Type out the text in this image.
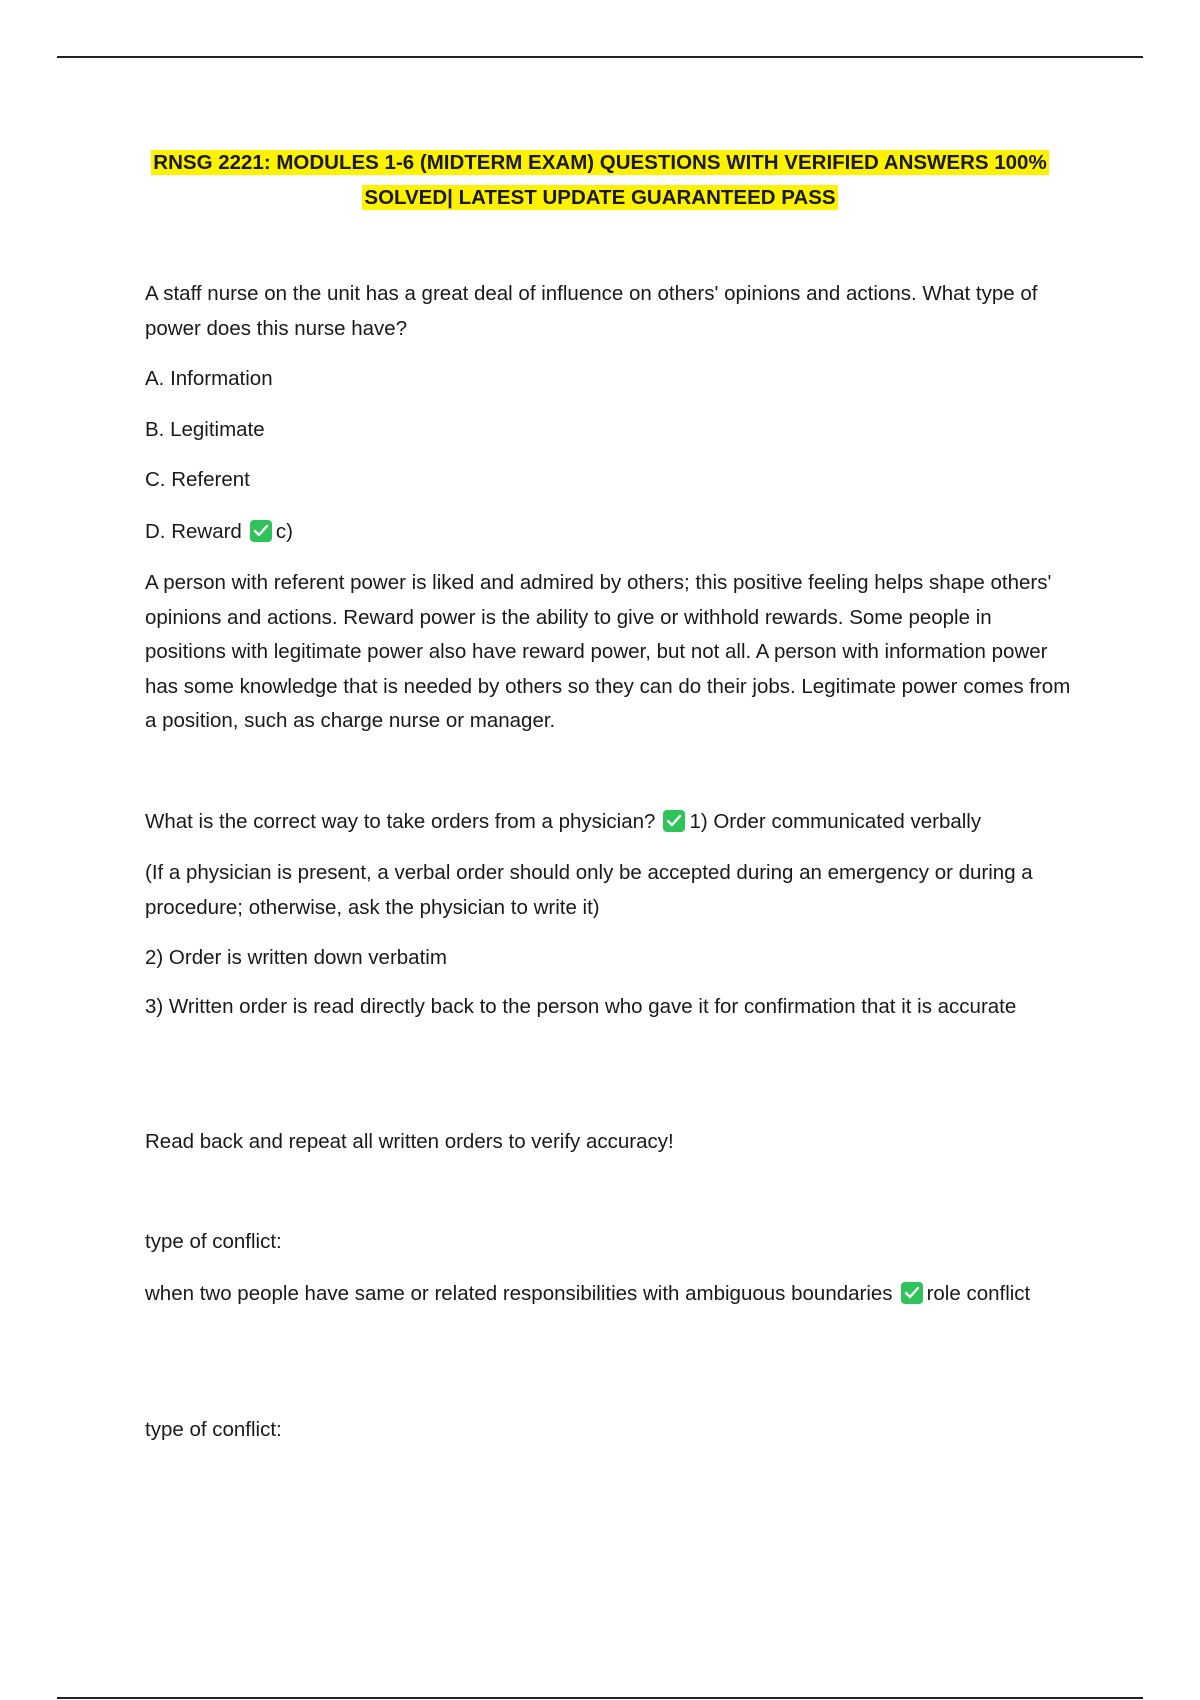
RNSG 2221: MODULES 1-6 (MIDTERM EXAM) QUESTIONS WITH VERIFIED ANSWERS 100%
SOLVED| LATEST UPDATE GUARANTEED PASS

A staff nurse on the unit has a great deal of influence on others' opinions and actions. What type of power does this nurse have?

A. Information

B. Legitimate

C. Referent

D. Reward c)

A person with referent power is liked and admired by others; this positive feeling helps shape others' opinions and actions. Reward power is the ability to give or withhold rewards. Some people in positions with legitimate power also have reward power, but not all. A person with information power has some knowledge that is needed by others so they can do their jobs. Legitimate power comes from a position, such as charge nurse or manager.

What is the correct way to take orders from a physician? 1) Order communicated verbally

(If a physician is present, a verbal order should only be accepted during an emergency or during a procedure; otherwise, ask the physician to write it)

2) Order is written down verbatim

3) Written order is read directly back to the person who gave it for confirmation that it is accurate

Read back and repeat all written orders to verify accuracy!

type of conflict:

when two people have same or related responsibilities with ambiguous boundaries role conflict

type of conflict:
